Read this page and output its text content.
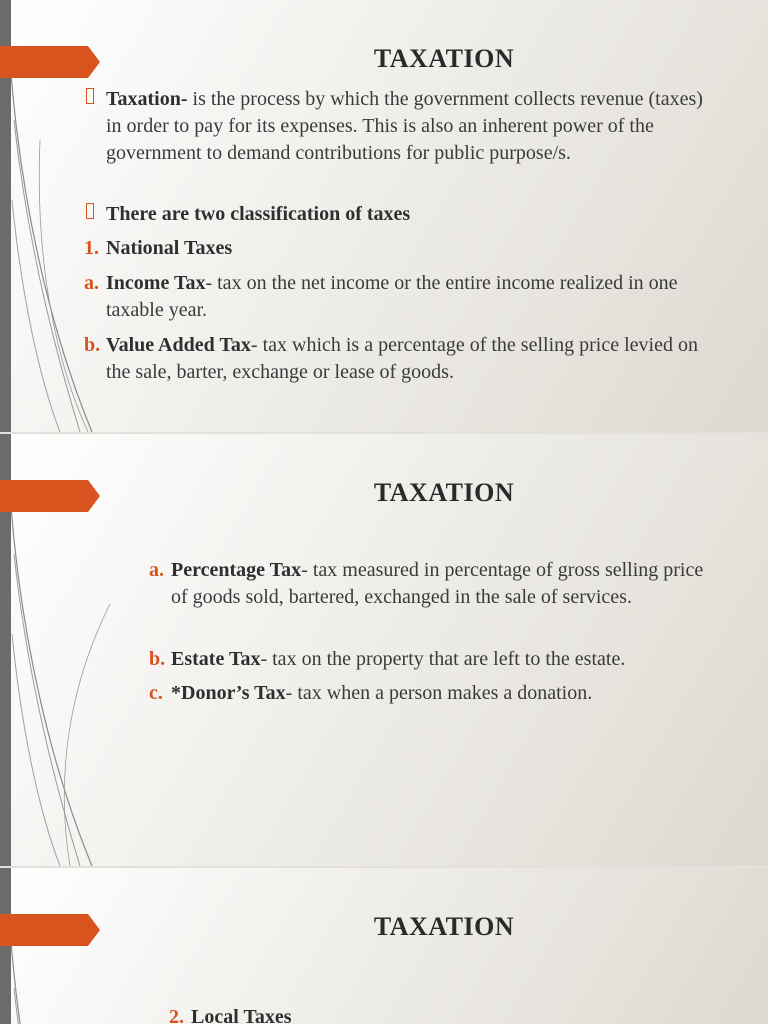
TAXATION
Taxation- is the process by which the government collects revenue (taxes) in order to pay for its expenses. This is also an inherent power of the government to demand contributions for public purpose/s.
There are two classification of taxes
1. National Taxes
a. Income Tax- tax on the net income or the entire income realized in one taxable year.
b. Value Added Tax- tax which is a percentage of the selling price levied on the sale, barter, exchange or lease of goods.
TAXATION
a. Percentage Tax- tax measured in percentage of gross selling price of goods sold, bartered, exchanged in the sale of services.
b. Estate Tax- tax on the property that are left to the estate.
c. *Donor’s Tax- tax when a person makes a donation.
TAXATION
2. Local Taxes
